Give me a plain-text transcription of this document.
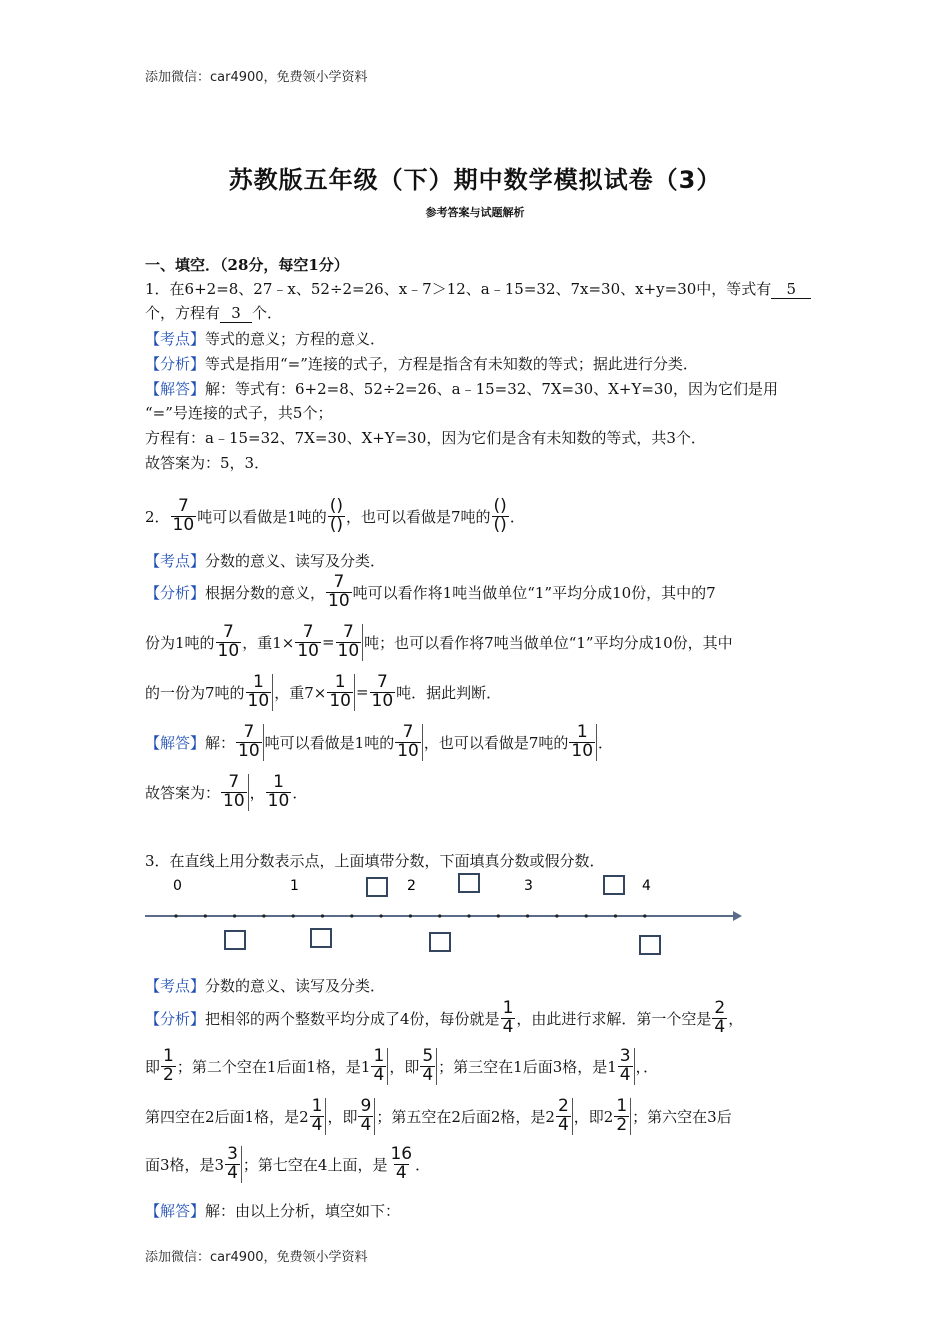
添加微信：car4900，免费领小学资料
苏教版五年级（下）期中数学模拟试卷（3）
参考答案与试题解析
一、填空．（28分，每空1分）
1．在6+2=8、27﹣x、52÷2=26、x﹣7＞12、a﹣15=32、7x=30、x+y=30中，等式有 5
个，方程有 3 个．
【考点】等式的意义；方程的意义．
【分析】等式是指用“=”连接的式子，方程是指含有未知数的等式；据此进行分类．
【解答】解：等式有：6+2=8、52÷2=26、a﹣15=32、7X=30、X+Y=30，因为它们是用
“=”号连接的式子，共5个；
方程有：a﹣15=32、7X=30、X+Y=30，因为它们是含有未知数的等式，共3个．
故答案为：5，3．
2． $\frac{7}{10}$ 吨可以看做是1吨的 $\frac{()}{()}$ ，也可以看做是7吨的 $\frac{()}{()}$ ．
【考点】分数的意义、读写及分类．
【分析】 根据分数的意义， $\frac{7}{10}$ 吨可以看作将1吨当做单位“1”平均分成10份，其中的7
份为1吨的 $\frac{7}{10}$ ，重$1\times \frac{7}{10} = \frac{7}{10}$ 吨；也可以看作将7吨当做单位“1”平均分成10份，其中
的一份为7吨的 $\frac{1}{10}$ ，重$7\times \frac{1}{10} = \frac{7}{10}$ 吨．据此判断．
【解答】 解： $\frac{7}{10}$ 吨可以看做是1吨的 $\frac{7}{10}$ ，也可以看做是7吨的 $\frac{1}{10}$ ．
故答案为： $\frac{7}{10}$ ， $\frac{1}{10}$ ．
3．在直线上用分数表示点，上面填带分数，下面填真分数或假分数．
0	1	2	3	4
【考点】分数的意义、读写及分类．
【分析】 把相邻的两个整数平均分成了4份，每份就是 $\frac{1}{4}$ ，由此进行求解．第一个空是 $\frac{2}{4}$ ，
即 $\frac{1}{2}$ ；第二个空在1后面1格，是$1 \frac{1}{4}$ ，即 $\frac{5}{4}$ ；第三空在1后面3格，是$1 \frac{3}{4}$ ，．
第四空在2后面1格，是$2 \frac{1}{4}$ ，即 $\frac{9}{4}$ ；第五空在2后面2格，是$2 \frac{2}{4}$ ，即$2 \frac{1}{2}$ ；第六空在3后
面3格，是$3 \frac{3}{4}$ ；第七空在4上面，是 $\frac{16}{4}$ ．
【解答】解：由以上分析，填空如下：
添加微信：car4900，免费领小学资料
